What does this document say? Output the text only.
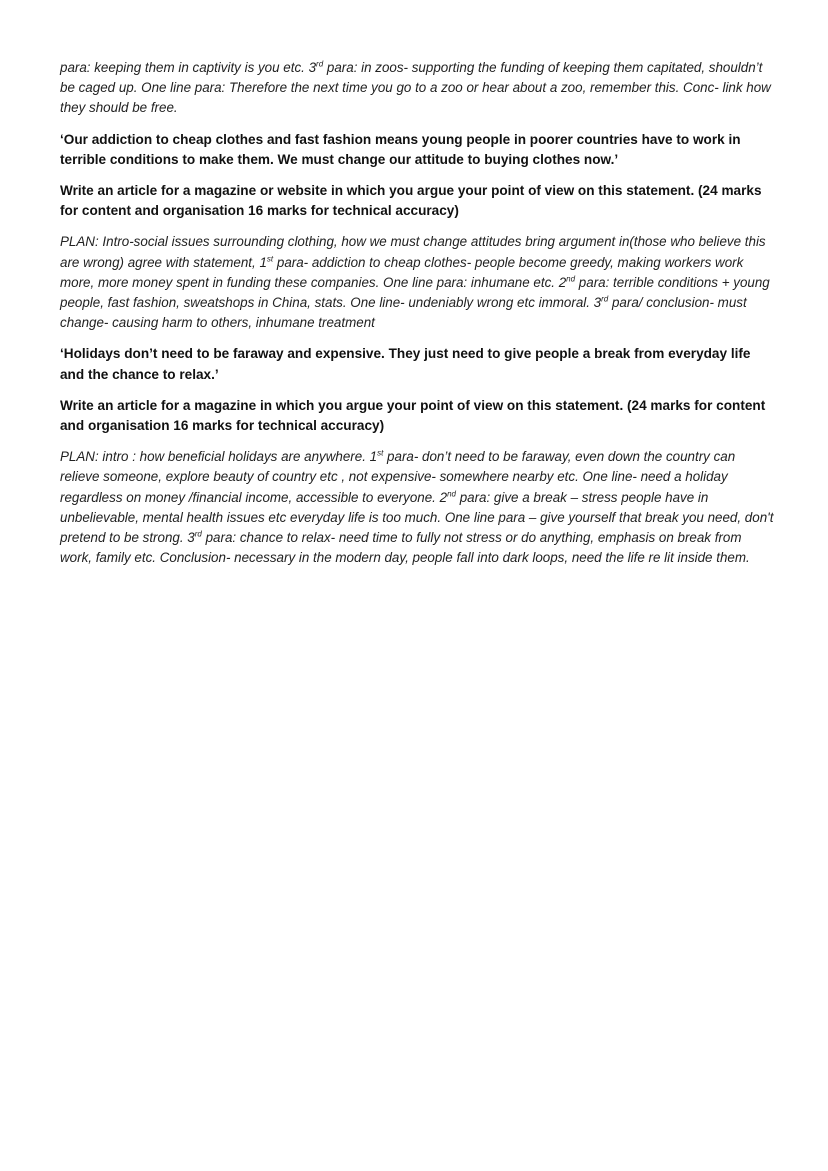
para: keeping them in captivity is you etc. 3rd para: in zoos- supporting the funding of keeping them capitated, shouldn’t be caged up. One line para: Therefore the next time you go to a zoo or hear about a zoo, remember this. Conc- link how they should be free.

‘Our addiction to cheap clothes and fast fashion means young people in poorer countries have to work in terrible conditions to make them. We must change our attitude to buying clothes now.’

Write an article for a magazine or website in which you argue your point of view on this statement. (24 marks for content and organisation 16 marks for technical accuracy)

PLAN: Intro-social issues surrounding clothing, how we must change attitudes bring argument in(those who believe this are wrong) agree with statement, 1st para- addiction to cheap clothes- people become greedy, making workers work more, more money spent in funding these companies. One line para: inhumane etc. 2nd para: terrible conditions + young people, fast fashion, sweatshops in China, stats. One line- undeniably wrong etc immoral. 3rd para/ conclusion- must change- causing harm to others, inhumane treatment

‘Holidays don’t need to be faraway and expensive. They just need to give people a break from everyday life and the chance to relax.’

Write an article for a magazine in which you argue your point of view on this statement. (24 marks for content and organisation 16 marks for technical accuracy)

PLAN: intro : how beneficial holidays are anywhere. 1st para- don’t need to be faraway, even down the country can relieve someone, explore beauty of country etc , not expensive- somewhere nearby etc. One line- need a holiday regardless on money /financial income, accessible to everyone. 2nd para: give a break – stress people have in unbelievable, mental health issues etc everyday life is too much. One line para – give yourself that break you need, don't pretend to be strong. 3rd para: chance to relax- need time to fully not stress or do anything, emphasis on break from work, family etc. Conclusion- necessary in the modern day, people fall into dark loops, need the life re lit inside them.
